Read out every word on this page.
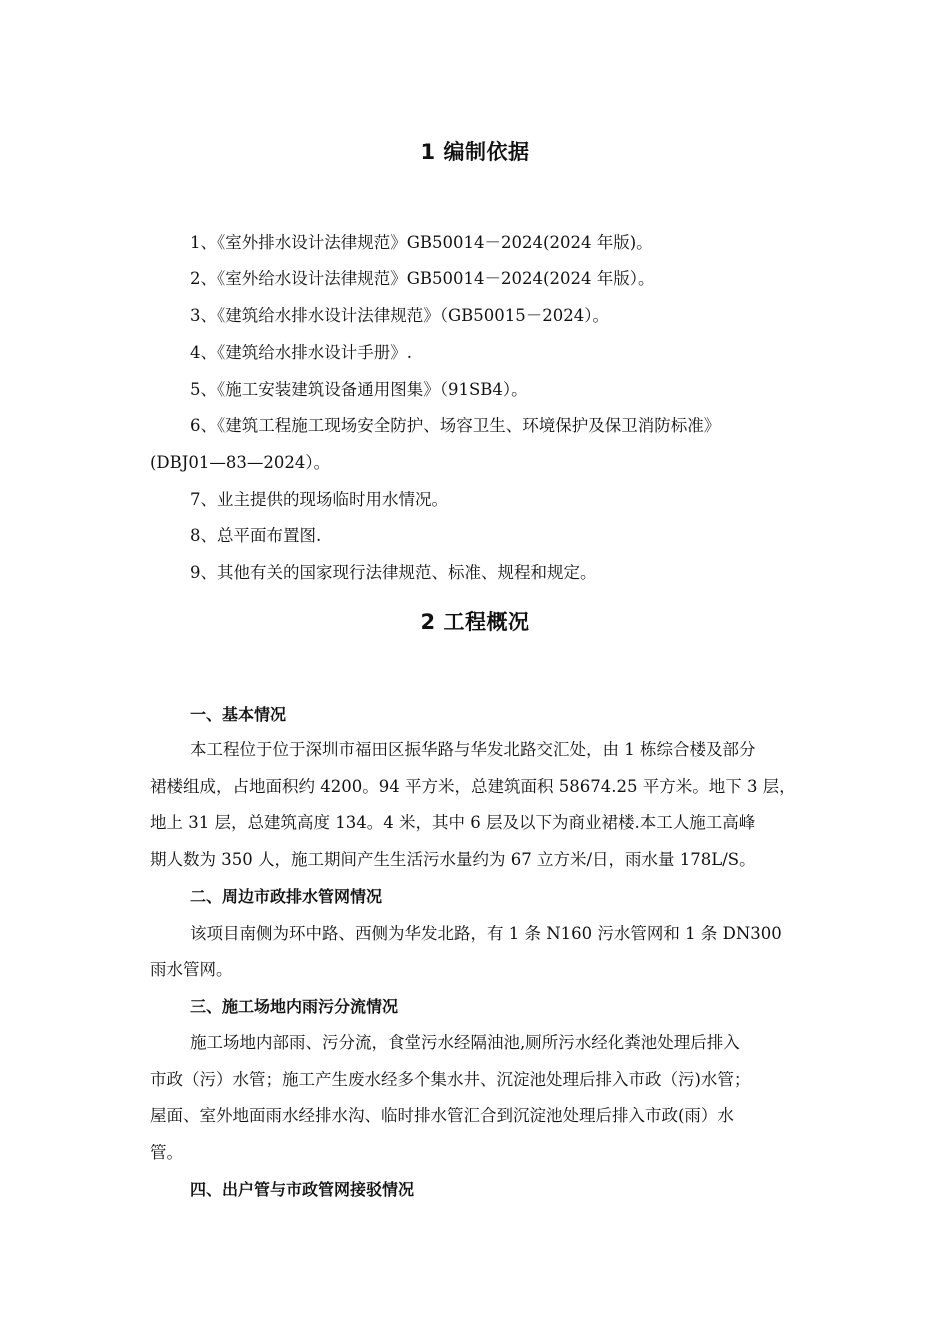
1 编制依据
1、《室外排水设计法律规范》GB50014－2024(2024 年版)。
2、《室外给水设计法律规范》GB50014－2024(2024 年版）。
3、《建筑给水排水设计法律规范》（GB50015－2024）。
4、《建筑给水排水设计手册》.
5、《施工安装建筑设备通用图集》（91SB4）。
6、《建筑工程施工现场安全防护、场容卫生、环境保护及保卫消防标准》
(DBJ01—83—2024）。
7、业主提供的现场临时用水情况。
8、总平面布置图.
9、其他有关的国家现行法律规范、标准、规程和规定。
2 工程概况
一、基本情况
本工程位于位于深圳市福田区振华路与华发北路交汇处，由 1 栋综合楼及部分
裙楼组成，占地面积约 4200。94 平方米，总建筑面积 58674.25 平方米。地下 3 层，
地上 31 层，总建筑高度 134。4 米，其中 6 层及以下为商业裙楼.本工人施工高峰
期人数为 350 人，施工期间产生生活污水量约为 67 立方米/日，雨水量 178L/S。
二、周边市政排水管网情况
该项目南侧为环中路、西侧为华发北路，有 1 条 N160 污水管网和 1 条 DN300
雨水管网。
三、施工场地内雨污分流情况
施工场地内部雨、污分流，食堂污水经隔油池,厕所污水经化粪池处理后排入
市政（污）水管；施工产生废水经多个集水井、沉淀池处理后排入市政（污)水管；
屋面、室外地面雨水经排水沟、临时排水管汇合到沉淀池处理后排入市政(雨）水
管。
四、出户管与市政管网接驳情况
